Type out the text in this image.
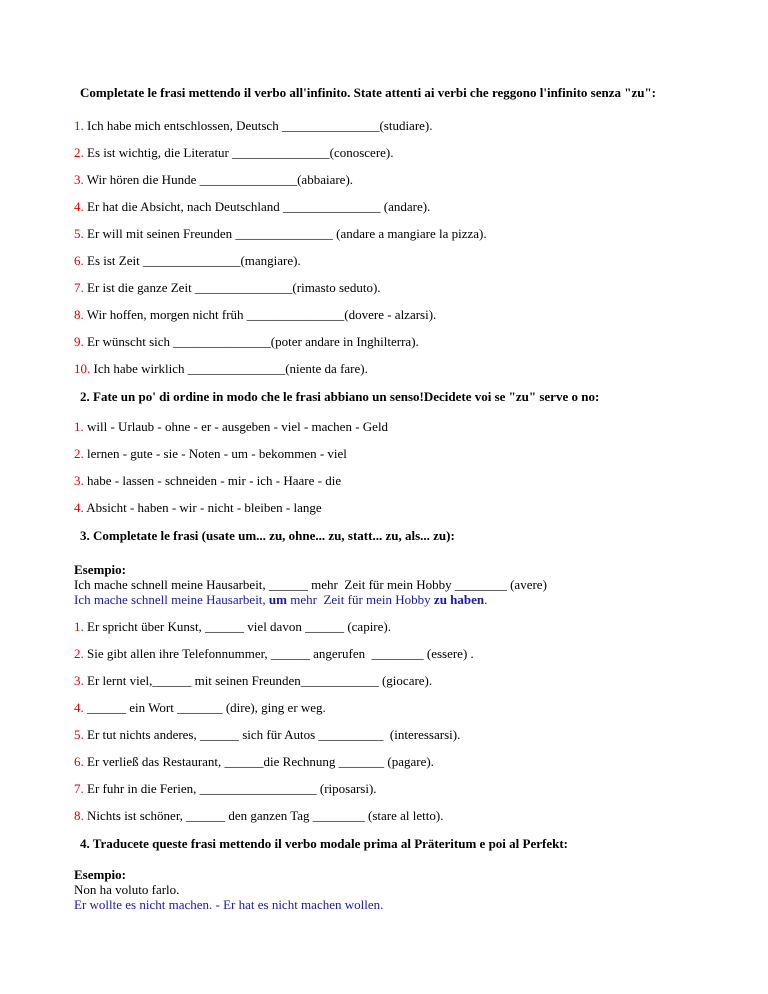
Completate le frasi mettendo il verbo all'infinito. State attenti ai verbi che reggono l'infinito senza "zu":
1. Ich habe mich entschlossen, Deutsch _______________(studiare).
2. Es ist wichtig, die Literatur _______________(conoscere).
3. Wir hören die Hunde _______________(abbaiare).
4. Er hat die Absicht, nach Deutschland _______________ (andare).
5. Er will mit seinen Freunden _______________ (andare a mangiare la pizza).
6. Es ist Zeit _______________(mangiare).
7. Er ist die ganze Zeit _______________(rimasto seduto).
8. Wir hoffen, morgen nicht früh _______________(dovere - alzarsi).
9. Er wünscht sich _______________(poter andare in Inghilterra).
10. Ich habe wirklich _______________(niente da fare).
2. Fate un po' di ordine in modo che le frasi abbiano un senso!Decidete voi se "zu" serve o no:
1. will - Urlaub - ohne - er - ausgeben - viel - machen - Geld
2. lernen - gute - sie - Noten - um - bekommen - viel
3. habe - lassen - schneiden - mir - ich - Haare - die
4. Absicht - haben - wir - nicht - bleiben - lange
3. Completate le frasi (usate um... zu, ohne... zu, statt... zu, als... zu):
Esempio:
Ich mache schnell meine Hausarbeit, ______ mehr  Zeit für mein Hobby ________ (avere)
Ich mache schnell meine Hausarbeit, um mehr  Zeit für mein Hobby zu haben.
1. Er spricht über Kunst, ______ viel davon ______ (capire).
2. Sie gibt allen ihre Telefonnummer, ______ angerufen  ________ (essere) .
3. Er lernt viel,______ mit seinen Freunden____________ (giocare).
4. ______ ein Wort _______ (dire), ging er weg.
5. Er tut nichts anderes, ______ sich für Autos __________  (interessarsi).
6. Er verließ das Restaurant, ______die Rechnung _______ (pagare).
7. Er fuhr in die Ferien, __________________ (riposarsi).
8. Nichts ist schöner, ______ den ganzen Tag ________ (stare al letto).
4. Traducete queste frasi mettendo il verbo modale prima al Präteritum e poi al Perfekt:
Esempio:
Non ha voluto farlo.
Er wollte es nicht machen. - Er hat es nicht machen wollen.
